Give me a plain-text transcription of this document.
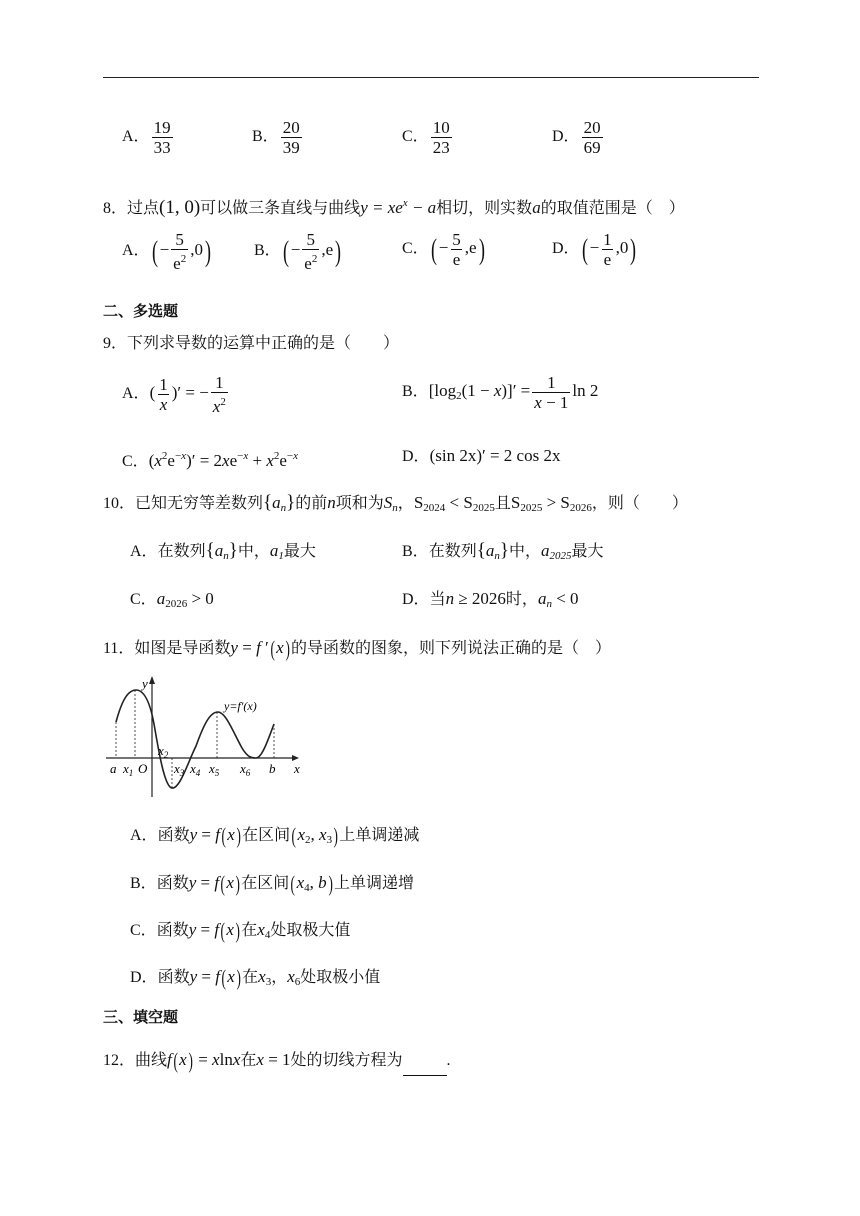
A． $\frac{19}{33}$	B． $\frac{20}{39}$	C． $\frac{10}{23}$	D． $\frac{20}{69}$
8．过点(1, 0)可以做三条直线与曲线$y = xe^x - a$相切，则实数a的取值范围是（　）
A．( − $\frac{5}{e^2} ,0$)	B．( − $\frac{5}{e^2} ,e$)	C．( − $\frac{5}{e} ,e$)	D．( − $\frac{1}{e} ,0$)
二、多选题
9．下列求导数的运算中正确的是（　　）
A．( $\frac{1}{x}$ )′ = − $\frac{1}{x^2}$	B．$[\log_2(1 - x)]' = \frac{1}{x - 1}$ ln 2
C．$(x^2e^{-x})' = 2xe^{-x} + x^2e^{-x}$	D．(sin 2x)′ = 2 cos 2x
10．已知无穷等差数列$\{a_n\}$的前n项和为$S_n$，$S_{2024} < S_{2025}$且$S_{2025} > S_{2026}$，则（　　）
A．在数列$\{a_n\}$中，$a_1$最大	B．在数列$\{a_n\}$中，$a_{2025}$最大
C．$a_{2026} > 0$	D．当n ≥ 2026时，$a_n < 0$
11．如图是导函数y = f ′(x)的导函数的图象，则下列说法正确的是（　）
y
x
y=f′(x)
a $x_1$ O
$x_2$
$x_3$ $x_4$ $x_5$ $x_6$ b
A．函数y = f(x)在区间($x_2$, $x_3$)上单调递减
B．函数y = f(x)在区间($x_4$, b)上单调递增
C．函数y = f(x)在$x_4$处取极大值
D．函数y = f(x)在$x_3$，$x_6$处取极小值
三、填空题
12．曲线f(x) = xlnx在x = 1处的切线方程为	.
